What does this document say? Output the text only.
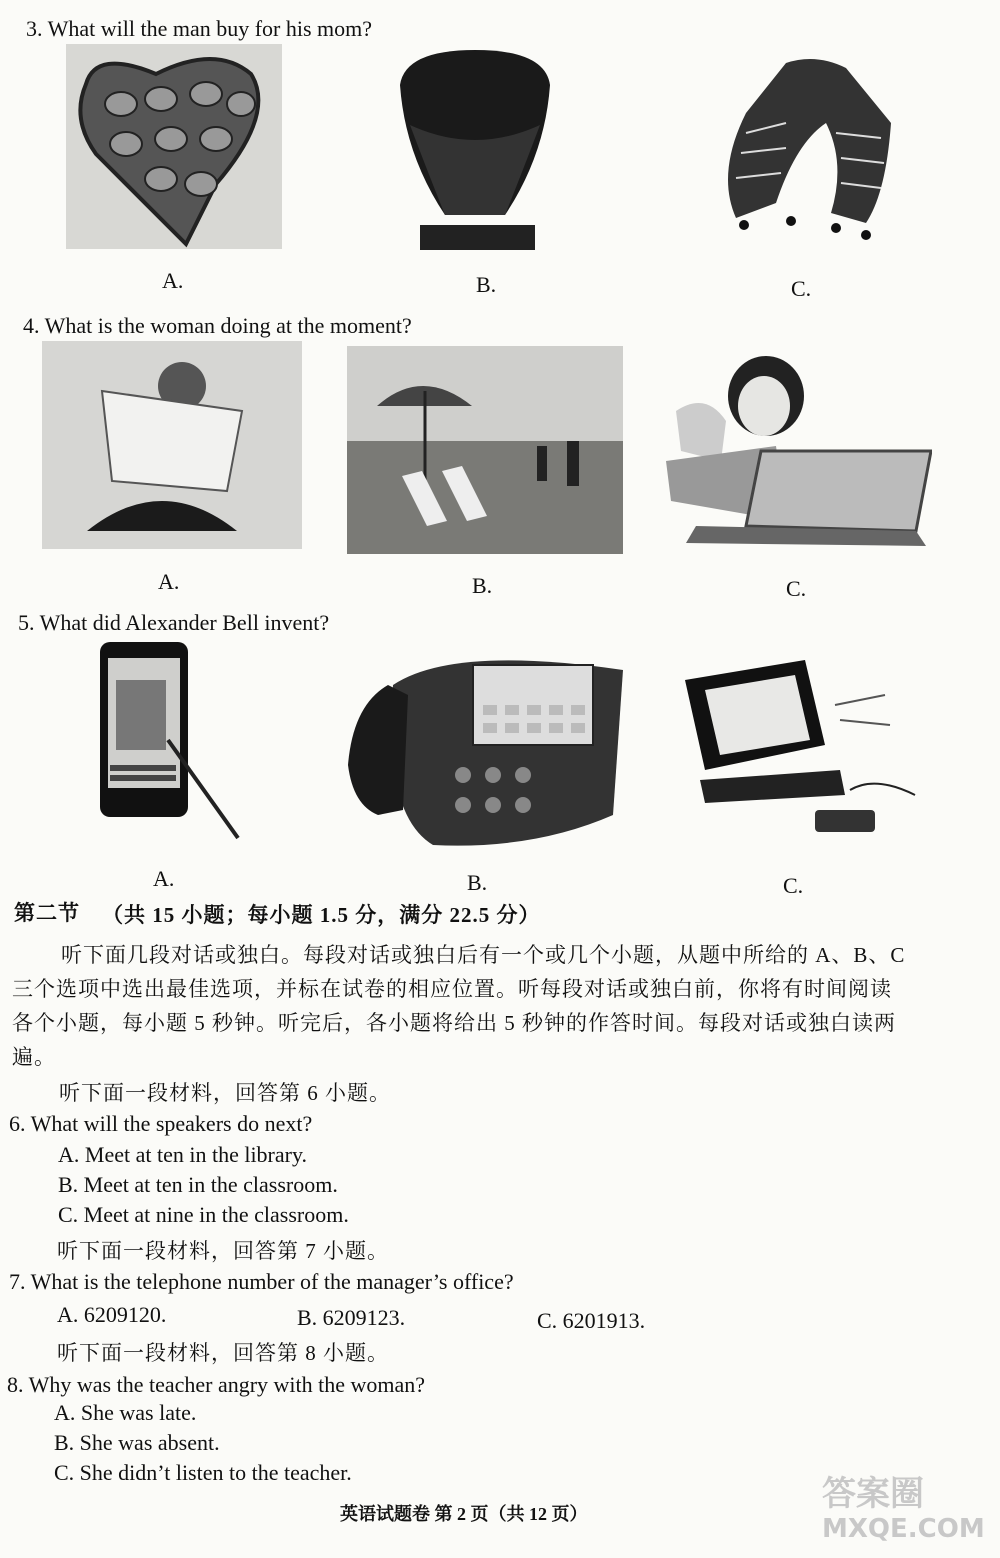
3. What will the man buy for his mom?
A.	B.	C.
4. What is the woman doing at the moment?
A.	B.	C.
5. What did Alexander Bell invent?
A.	B.	C.
第二节 （共 15 小题；每小题 1.5 分，满分 22.5 分）
听下面几段对话或独白。每段对话或独白后有一个或几个小题，从题中所给的 A、B、C
三个选项中选出最佳选项，并标在试卷的相应位置。听每段对话或独白前，你将有时间阅读
各个小题，每小题 5 秒钟。听完后，各小题将给出 5 秒钟的作答时间。每段对话或独白读两
遍。
听下面一段材料，回答第 6 小题。
6. What will the speakers do next?
A. Meet at ten in the library.
B. Meet at ten in the classroom.
C. Meet at nine in the classroom.
听下面一段材料，回答第 7 小题。
7. What is the telephone number of the manager’s office?
A. 6209120.	B. 6209123.	C. 6201913.
听下面一段材料，回答第 8 小题。
8. Why was the teacher angry with the woman?
A. She was late.
B. She was absent.
C. She didn’t listen to the teacher.
英语试题卷 第 2 页（共 12 页）	答案圈
MXQE.COM
